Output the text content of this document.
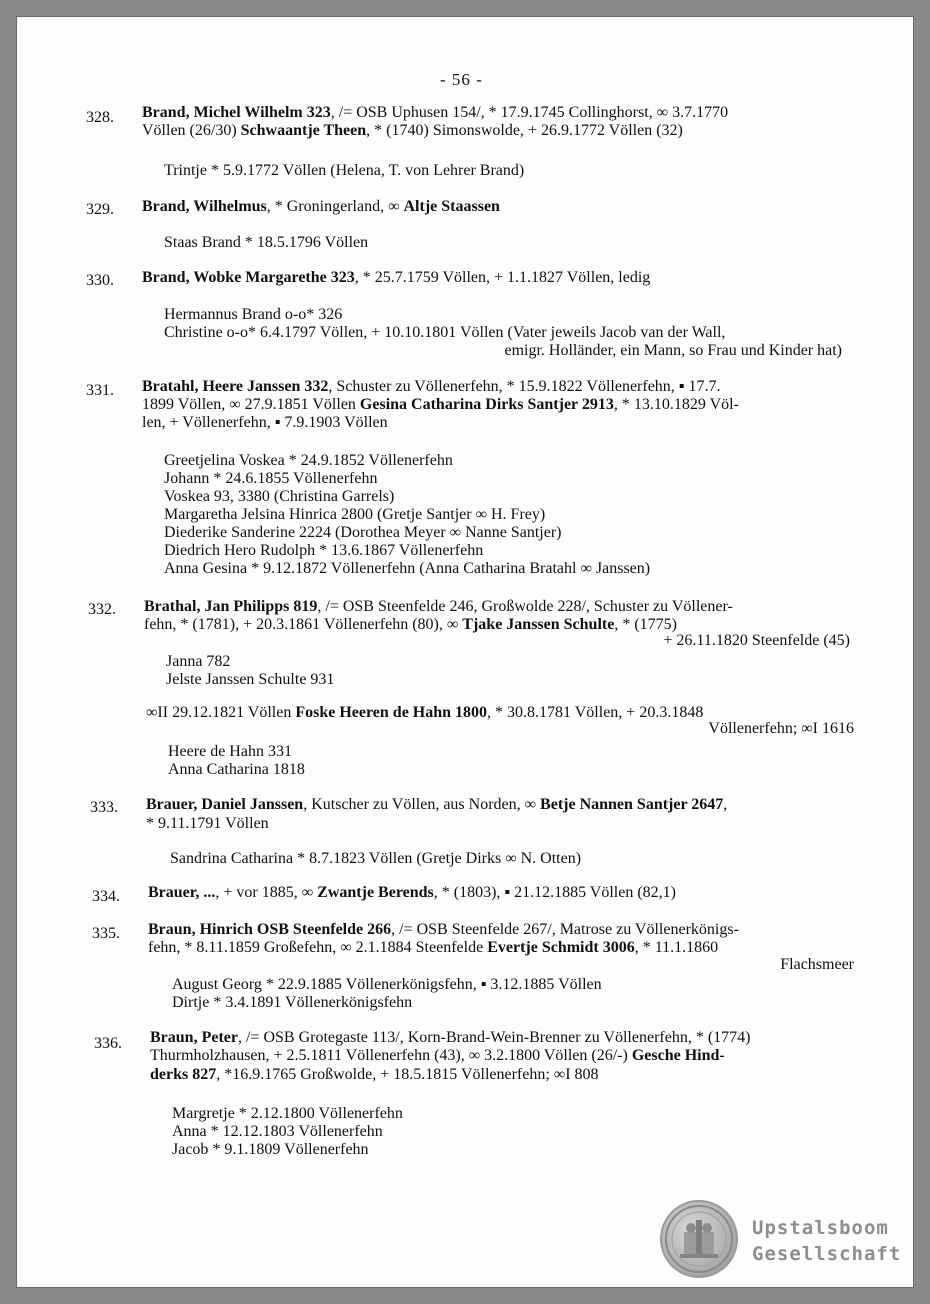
- 56 -
328. Brand, Michel Wilhelm 323, /= OSB Uphusen 154/, * 17.9.1745 Collinghorst, ∞ 3.7.1770
Völlen (26/30) Schwaantje Theen, * (1740) Simonswolde, + 26.9.1772 Völlen (32)
Trintje * 5.9.1772 Völlen (Helena, T. von Lehrer Brand)
329. Brand, Wilhelmus, * Groningerland, ∞ Altje Staassen
Staas Brand * 18.5.1796 Völlen
330. Brand, Wobke Margarethe 323, * 25.7.1759 Völlen, + 1.1.1827 Völlen, ledig
Hermannus Brand o-o* 326
Christine o-o* 6.4.1797 Völlen, + 10.10.1801 Völlen (Vater jeweils Jacob van der Wall,
emigr. Holländer, ein Mann, so Frau und Kinder hat)
331. Bratahl, Heere Janssen 332, Schuster zu Völlenerfehn, * 15.9.1822 Völlenerfehn, ▪ 17.7.
1899 Völlen, ∞ 27.9.1851 Völlen Gesina Catharina Dirks Santjer 2913, * 13.10.1829 Völ-
len, + Völlenerfehn, ▪ 7.9.1903 Völlen
Greetjelina Voskea * 24.9.1852 Völlenerfehn
Johann * 24.6.1855 Völlenerfehn
Voskea 93, 3380 (Christina Garrels)
Margaretha Jelsina Hinrica 2800 (Gretje Santjer ∞ H. Frey)
Diederike Sanderine 2224 (Dorothea Meyer ∞ Nanne Santjer)
Diedrich Hero Rudolph * 13.6.1867 Völlenerfehn
Anna Gesina * 9.12.1872 Völlenerfehn (Anna Catharina Bratahl ∞ Janssen)
332. Brathal, Jan Philipps 819, /= OSB Steenfelde 246, Großwolde 228/, Schuster zu Völlener-
fehn, * (1781), + 20.3.1861 Völlenerfehn (80), ∞ Tjake Janssen Schulte, * (1775)
+ 26.11.1820 Steenfelde (45)
Janna 782
Jelste Janssen Schulte 931
∞II 29.12.1821 Völlen Foske Heeren de Hahn 1800, * 30.8.1781 Völlen, + 20.3.1848
Völlenerfehn; ∞I 1616
Heere de Hahn 331
Anna Catharina 1818
333. Brauer, Daniel Janssen, Kutscher zu Völlen, aus Norden, ∞ Betje Nannen Santjer 2647,
* 9.11.1791 Völlen
Sandrina Catharina * 8.7.1823 Völlen (Gretje Dirks ∞ N. Otten)
334. Brauer, ..., + vor 1885, ∞ Zwantje Berends, * (1803), ▪ 21.12.1885 Völlen (82,1)
335. Braun, Hinrich OSB Steenfelde 266, /= OSB Steenfelde 267/, Matrose zu Völlenerkönigs-
fehn, * 8.11.1859 Großefehn, ∞ 2.1.1884 Steenfelde Evertje Schmidt 3006, * 11.1.1860
Flachsmeer
August Georg * 22.9.1885 Völlenerkönigsfehn, ▪ 3.12.1885 Völlen
Dirtje * 3.4.1891 Völlenerkönigsfehn
336. Braun, Peter, /= OSB Grotegaste 113/, Korn-Brand-Wein-Brenner zu Völlenerfehn, * (1774)
Thurmholzhausen, + 2.5.1811 Völlenerfehn (43), ∞ 3.2.1800 Völlen (26/-) Gesche Hind-
derks 827, *16.9.1765 Großwolde, + 18.5.1815 Völlenerfehn; ∞I 808
Margretje * 2.12.1800 Völlenerfehn
Anna * 12.12.1803 Völlenerfehn
Jacob * 9.1.1809 Völlenerfehn
Upstalsboom
Gesellschaft
